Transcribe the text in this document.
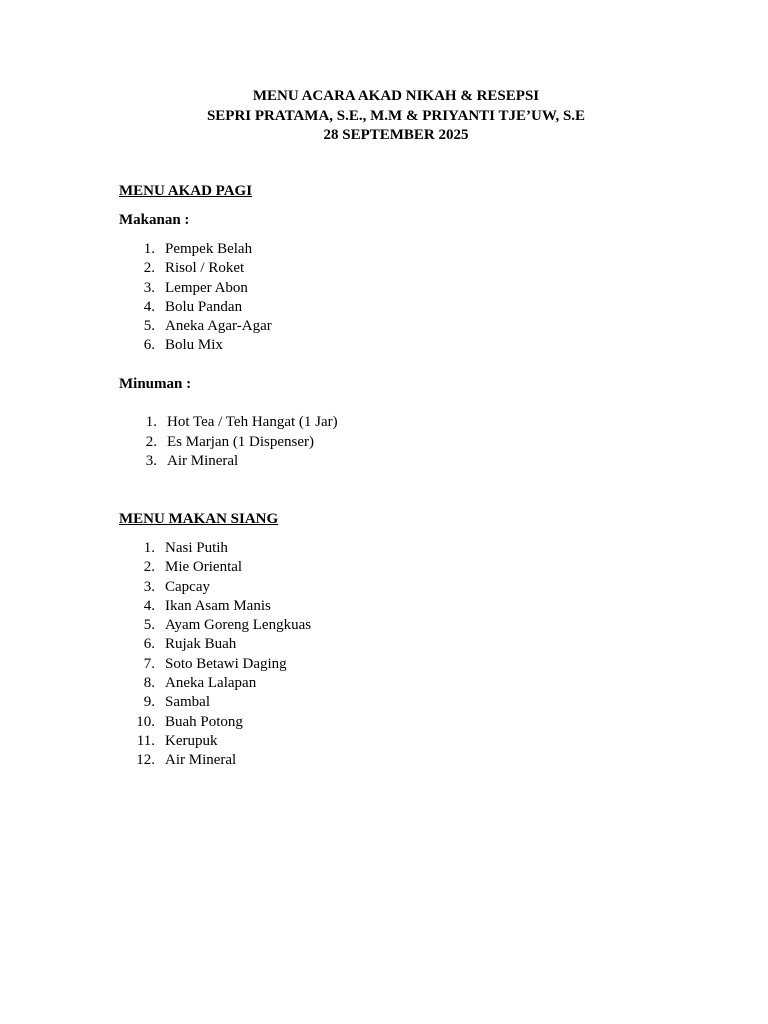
MENU ACARA AKAD NIKAH & RESEPSI
SEPRI PRATAMA, S.E., M.M & PRIYANTI TJE’UW, S.E
28 SEPTEMBER 2025
MENU AKAD PAGI
Makanan :
1. Pempek Belah
2. Risol / Roket
3. Lemper Abon
4. Bolu Pandan
5. Aneka Agar-Agar
6. Bolu Mix
Minuman :
1. Hot Tea / Teh Hangat (1 Jar)
2. Es Marjan (1 Dispenser)
3. Air Mineral
MENU MAKAN SIANG
1. Nasi Putih
2. Mie Oriental
3. Capcay
4. Ikan Asam Manis
5. Ayam Goreng Lengkuas
6. Rujak Buah
7. Soto Betawi Daging
8. Aneka Lalapan
9. Sambal
10. Buah Potong
11. Kerupuk
12. Air Mineral
